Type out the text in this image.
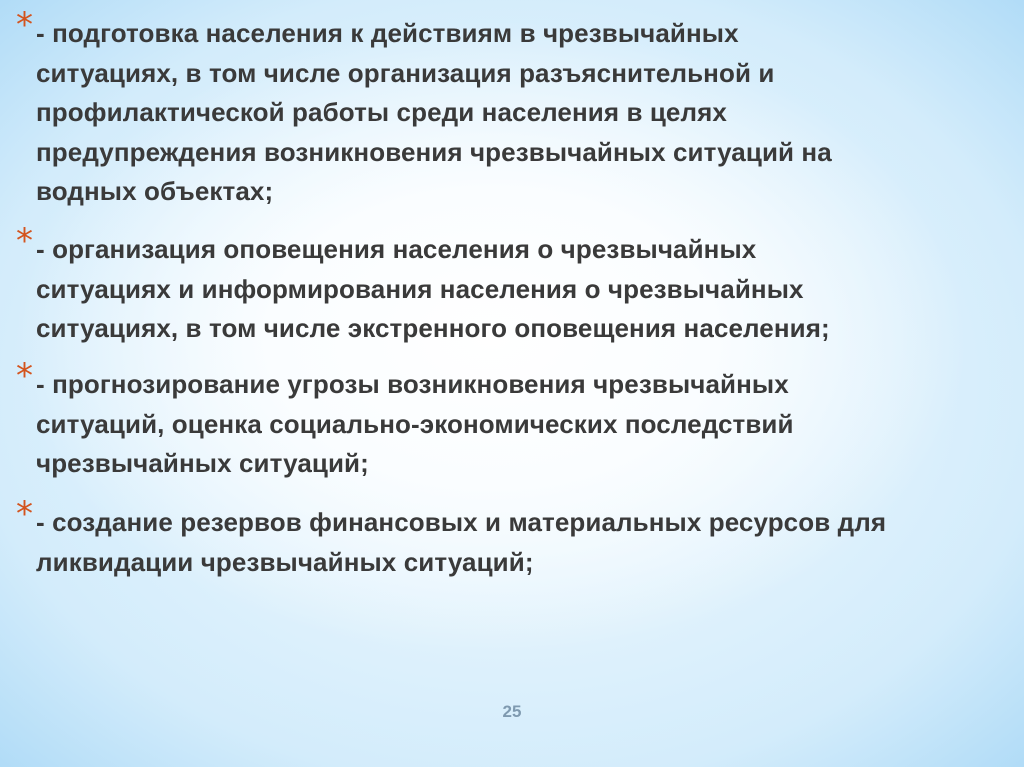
* - подготовка населения к действиям в чрезвычайных
ситуациях, в том числе организация разъяснительной и
профилактической работы среди населения в целях
предупреждения возникновения чрезвычайных ситуаций на
водных объектах;
* - организация оповещения населения о чрезвычайных
ситуациях и информирования населения о чрезвычайных
ситуациях, в том числе экстренного оповещения населения;
* - прогнозирование угрозы возникновения чрезвычайных
ситуаций, оценка социально-экономических последствий
чрезвычайных ситуаций;
* - создание резервов финансовых и материальных ресурсов для
ликвидации чрезвычайных ситуаций;
25
